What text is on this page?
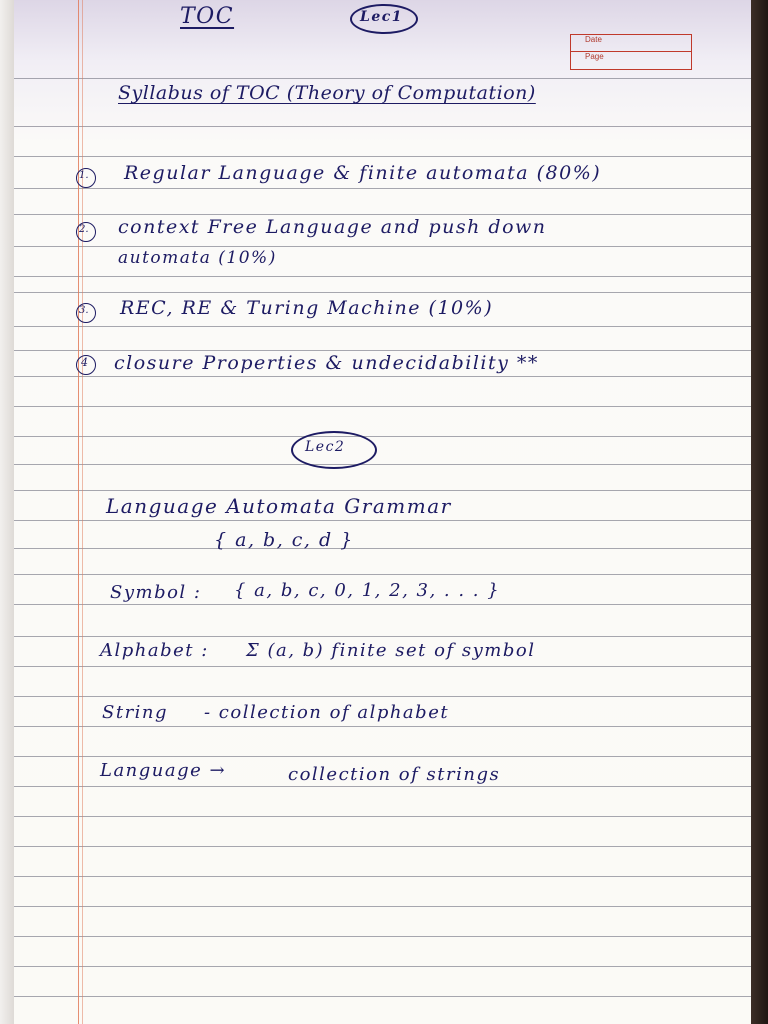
Date
Page
TOC	Lec1
Syllabus of TOC (Theory of Computation)
1. Regular Language & finite automata (80%)
2. context Free Language and push down
automata (10%)
3. REC, RE & Turing Machine (10%)
4 closure Properties & undecidability **
Lec2
Language Automata Grammar
{ a, b, c, d }
Symbol : { a, b, c, 0, 1, 2, 3, . . . }
Alphabet : Σ (a, b) finite set of symbol
String - collection of alphabet
Language →	collection of strings
